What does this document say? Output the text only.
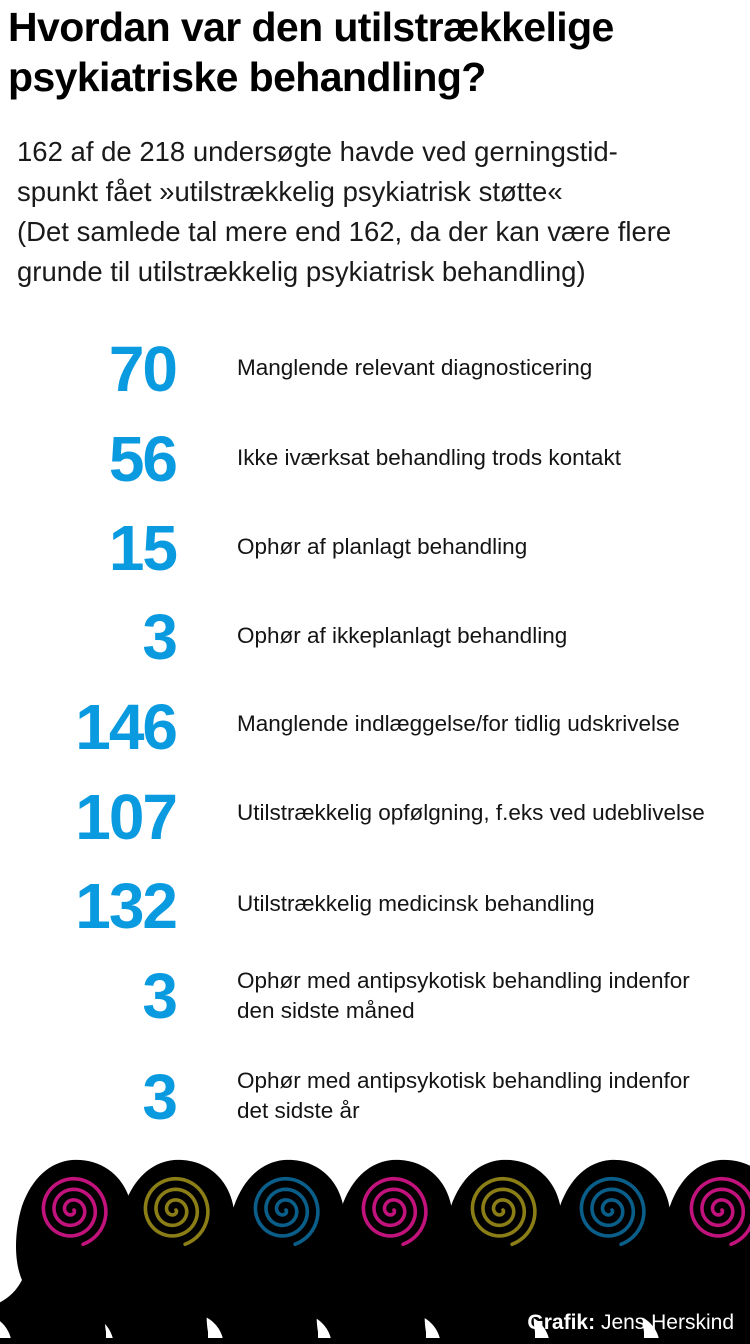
Hvordan var den utilstrækkelige psykiatriske behandling?
162 af de 218 undersøgte havde ved gerningstid-
spunkt fået »utilstrækkelig psykiatrisk støtte«
(Det samlede tal mere end 162, da der kan være flere
grunde til utilstrækkelig psykiatrisk behandling)
70	Manglende relevant diagnosticering
56	Ikke iværksat behandling trods kontakt
15	Ophør af planlagt behandling
3	Ophør af ikkeplanlagt behandling
146	Manglende indlæggelse/for tidlig udskrivelse
107	Utilstrækkelig opfølgning, f.eks ved udeblivelse
132	Utilstrækkelig medicinsk behandling
3	Ophør med antipsykotisk behandling indenfor
den sidste måned
3	Ophør med antipsykotisk behandling indenfor
det sidste år
Grafik: Jens Herskind
